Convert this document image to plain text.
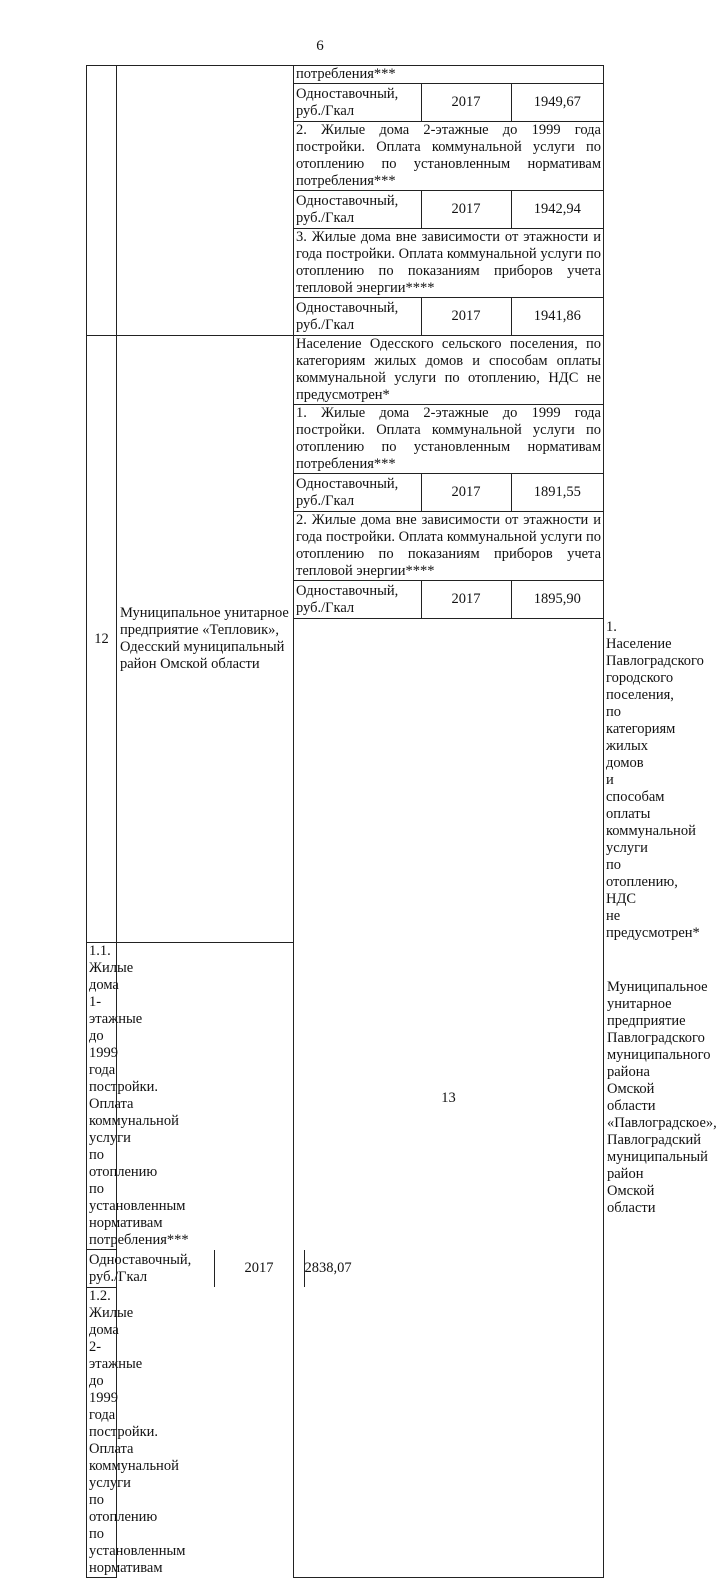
6
		потребления***

Одноставочный, руб./Гкал	2017	1949,67

2. Жилые дома 2-этажные до 1999 года постройки. Оплата коммунальной услуги по отоплению по установленным нормативам потребления***

Одноставочный, руб./Гкал	2017	1942,94

3. Жилые дома вне зависимости от этажности и года постройки. Оплата коммунальной услуги по отоплению по показаниям приборов учета тепловой энергии****

Одноставочный, руб./Гкал	2017	1941,86

12	Муниципальное унитарное предприятие «Тепловик», Одесский муниципальный район Омской области	Население Одесского сельского поселения, по категориям жилых домов и способам оплаты коммунальной услуги по отоплению, НДС не предусмотрен*
1. Жилые дома 2-этажные до 1999 года постройки. Оплата коммунальной услуги по отоплению по установленным нормативам потребления***

Одноставочный, руб./Гкал	2017	1891,55

2. Жилые дома вне зависимости от этажности и года постройки. Оплата коммунальной услуги по отоплению по показаниям приборов учета тепловой энергии****

Одноставочный, руб./Гкал	2017	1895,90

13	Муниципальное унитарное предприятие Павлоградского муниципального района Омской области «Павлоградское», Павлоградский муниципальный район Омской области	1. Население Павлоградского городского поселения, по категориям жилых домов и способам оплаты коммунальной услуги по отоплению, НДС не предусмотрен*
1.1. Жилые дома 1-этажные до 1999 года постройки. Оплата коммунальной услуги по отоплению по установленным нормативам потребления***

Одноставочный, руб./Гкал	2017	2838,07

1.2. Жилые дома 2-этажные до 1999 года постройки. Оплата коммунальной услуги по отоплению по установленным нормативам
